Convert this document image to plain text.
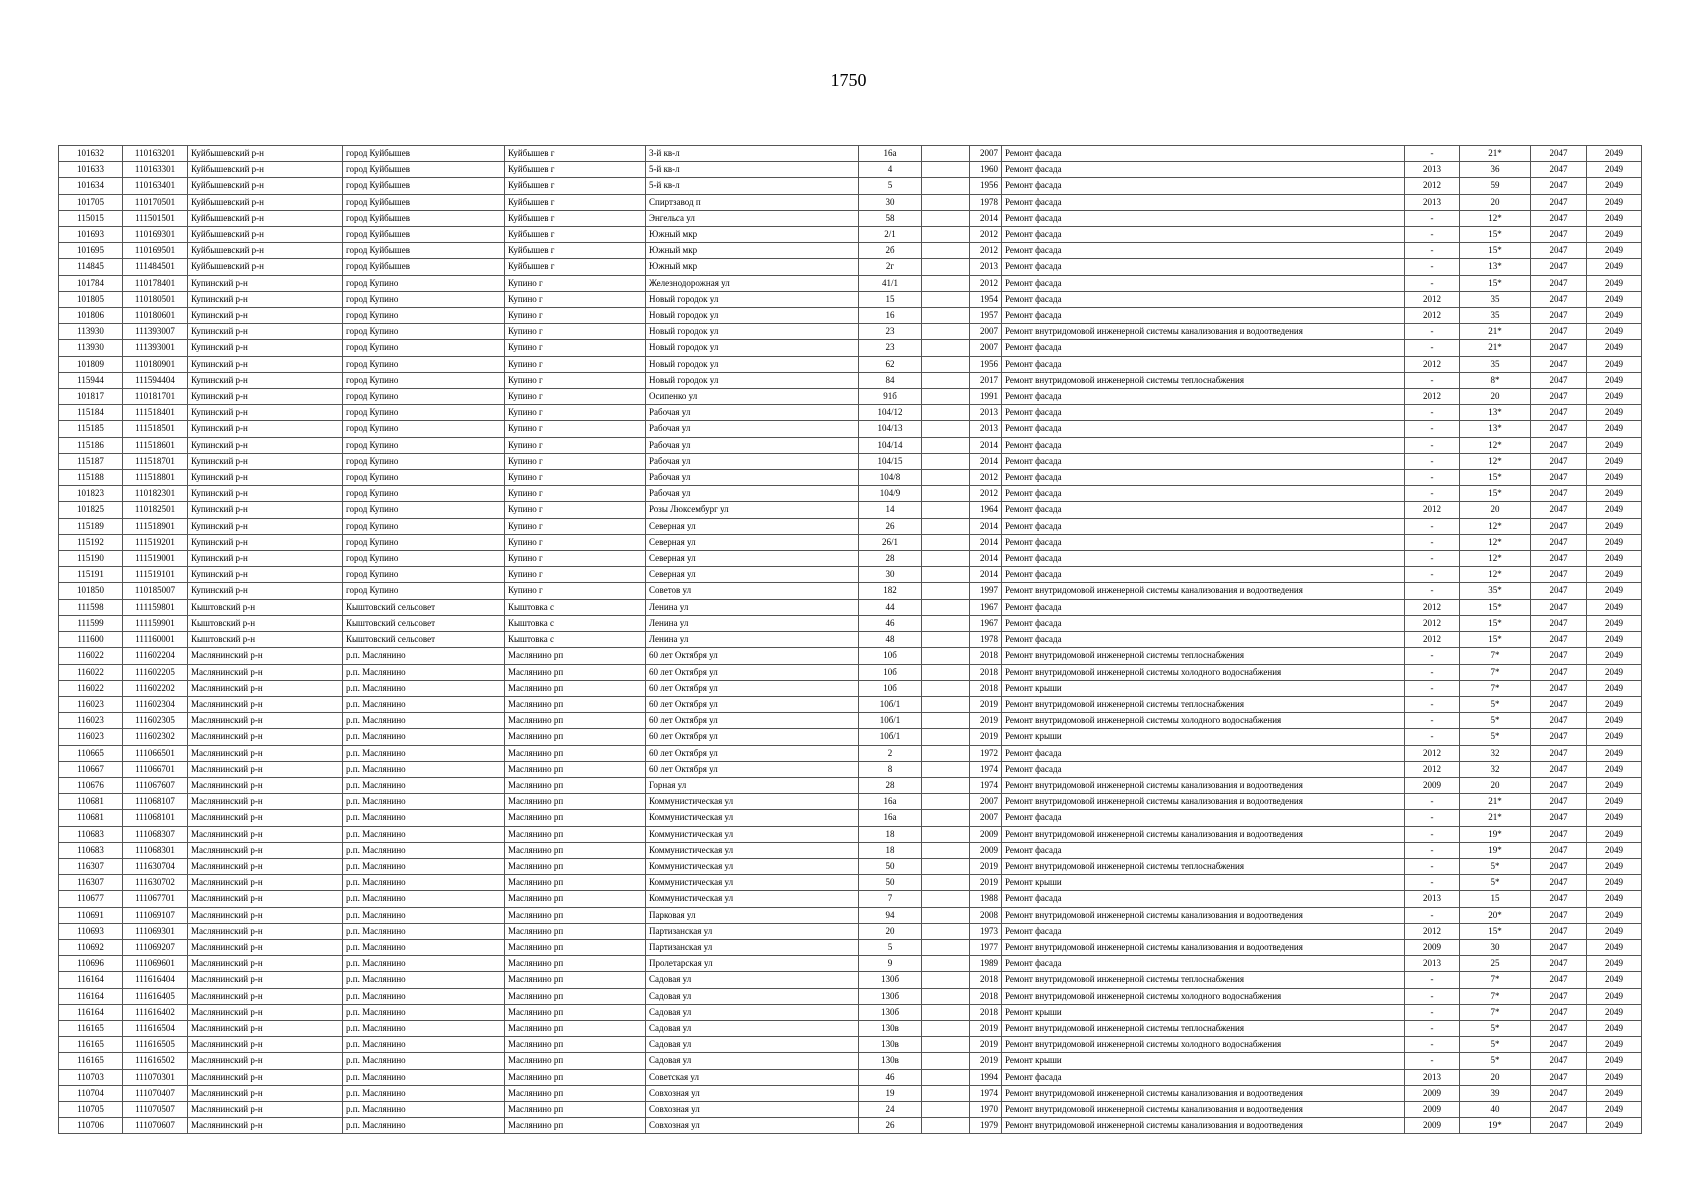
1750
101632	110163201	Куйбышевский р-н	город Куйбышев	Куйбышев г	3-й кв-л	16а		2007	Ремонт фасада	-	21*	2047	2049
101633	110163301	Куйбышевский р-н	город Куйбышев	Куйбышев г	5-й кв-л	4		1960	Ремонт фасада	2013	36	2047	2049
101634	110163401	Куйбышевский р-н	город Куйбышев	Куйбышев г	5-й кв-л	5		1956	Ремонт фасада	2012	59	2047	2049
101705	110170501	Куйбышевский р-н	город Куйбышев	Куйбышев г	Спиртзавод п	30		1978	Ремонт фасада	2013	20	2047	2049
115015	111501501	Куйбышевский р-н	город Куйбышев	Куйбышев г	Энгельса ул	58		2014	Ремонт фасада	-	12*	2047	2049
101693	110169301	Куйбышевский р-н	город Куйбышев	Куйбышев г	Южный мкр	2/1		2012	Ремонт фасада	-	15*	2047	2049
101695	110169501	Куйбышевский р-н	город Куйбышев	Куйбышев г	Южный мкр	2б		2012	Ремонт фасада	-	15*	2047	2049
114845	111484501	Куйбышевский р-н	город Куйбышев	Куйбышев г	Южный мкр	2г		2013	Ремонт фасада	-	13*	2047	2049
101784	110178401	Купинский р-н	город Купино	Купино г	Железнодорожная ул	41/1		2012	Ремонт фасада	-	15*	2047	2049
101805	110180501	Купинский р-н	город Купино	Купино г	Новый городок ул	15		1954	Ремонт фасада	2012	35	2047	2049
101806	110180601	Купинский р-н	город Купино	Купино г	Новый городок ул	16		1957	Ремонт фасада	2012	35	2047	2049
113930	111393007	Купинский р-н	город Купино	Купино г	Новый городок ул	23		2007	Ремонт внутридомовой инженерной системы канализования и водоотведения	-	21*	2047	2049
113930	111393001	Купинский р-н	город Купино	Купино г	Новый городок ул	23		2007	Ремонт фасада	-	21*	2047	2049
101809	110180901	Купинский р-н	город Купино	Купино г	Новый городок ул	62		1956	Ремонт фасада	2012	35	2047	2049
115944	111594404	Купинский р-н	город Купино	Купино г	Новый городок ул	84		2017	Ремонт внутридомовой инженерной системы теплоснабжения	-	8*	2047	2049
101817	110181701	Купинский р-н	город Купино	Купино г	Осипенко ул	91б		1991	Ремонт фасада	2012	20	2047	2049
115184	111518401	Купинский р-н	город Купино	Купино г	Рабочая ул	104/12		2013	Ремонт фасада	-	13*	2047	2049
115185	111518501	Купинский р-н	город Купино	Купино г	Рабочая ул	104/13		2013	Ремонт фасада	-	13*	2047	2049
115186	111518601	Купинский р-н	город Купино	Купино г	Рабочая ул	104/14		2014	Ремонт фасада	-	12*	2047	2049
115187	111518701	Купинский р-н	город Купино	Купино г	Рабочая ул	104/15		2014	Ремонт фасада	-	12*	2047	2049
115188	111518801	Купинский р-н	город Купино	Купино г	Рабочая ул	104/8		2012	Ремонт фасада	-	15*	2047	2049
101823	110182301	Купинский р-н	город Купино	Купино г	Рабочая ул	104/9		2012	Ремонт фасада	-	15*	2047	2049
101825	110182501	Купинский р-н	город Купино	Купино г	Розы Люксембург ул	14		1964	Ремонт фасада	2012	20	2047	2049
115189	111518901	Купинский р-н	город Купино	Купино г	Северная ул	26		2014	Ремонт фасада	-	12*	2047	2049
115192	111519201	Купинский р-н	город Купино	Купино г	Северная ул	26/1		2014	Ремонт фасада	-	12*	2047	2049
115190	111519001	Купинский р-н	город Купино	Купино г	Северная ул	28		2014	Ремонт фасада	-	12*	2047	2049
115191	111519101	Купинский р-н	город Купино	Купино г	Северная ул	30		2014	Ремонт фасада	-	12*	2047	2049
101850	110185007	Купинский р-н	город Купино	Купино г	Советов ул	182		1997	Ремонт внутридомовой инженерной системы канализования и водоотведения	-	35*	2047	2049
111598	111159801	Кыштовский р-н	Кыштовский сельсовет	Кыштовка с	Ленина ул	44		1967	Ремонт фасада	2012	15*	2047	2049
111599	111159901	Кыштовский р-н	Кыштовский сельсовет	Кыштовка с	Ленина ул	46		1967	Ремонт фасада	2012	15*	2047	2049
111600	111160001	Кыштовский р-н	Кыштовский сельсовет	Кыштовка с	Ленина ул	48		1978	Ремонт фасада	2012	15*	2047	2049
116022	111602204	Маслянинский р-н	р.п. Маслянино	Маслянино рп	60 лет Октября ул	10б		2018	Ремонт внутридомовой инженерной системы теплоснабжения	-	7*	2047	2049
116022	111602205	Маслянинский р-н	р.п. Маслянино	Маслянино рп	60 лет Октября ул	10б		2018	Ремонт внутридомовой инженерной системы холодного водоснабжения	-	7*	2047	2049
116022	111602202	Маслянинский р-н	р.п. Маслянино	Маслянино рп	60 лет Октября ул	10б		2018	Ремонт крыши	-	7*	2047	2049
116023	111602304	Маслянинский р-н	р.п. Маслянино	Маслянино рп	60 лет Октября ул	10б/1		2019	Ремонт внутридомовой инженерной системы теплоснабжения	-	5*	2047	2049
116023	111602305	Маслянинский р-н	р.п. Маслянино	Маслянино рп	60 лет Октября ул	10б/1		2019	Ремонт внутридомовой инженерной системы холодного водоснабжения	-	5*	2047	2049
116023	111602302	Маслянинский р-н	р.п. Маслянино	Маслянино рп	60 лет Октября ул	10б/1		2019	Ремонт крыши	-	5*	2047	2049
110665	111066501	Маслянинский р-н	р.п. Маслянино	Маслянино рп	60 лет Октября ул	2		1972	Ремонт фасада	2012	32	2047	2049
110667	111066701	Маслянинский р-н	р.п. Маслянино	Маслянино рп	60 лет Октября ул	8		1974	Ремонт фасада	2012	32	2047	2049
110676	111067607	Маслянинский р-н	р.п. Маслянино	Маслянино рп	Горная ул	28		1974	Ремонт внутридомовой инженерной системы канализования и водоотведения	2009	20	2047	2049
110681	111068107	Маслянинский р-н	р.п. Маслянино	Маслянино рп	Коммунистическая ул	16а		2007	Ремонт внутридомовой инженерной системы канализования и водоотведения	-	21*	2047	2049
110681	111068101	Маслянинский р-н	р.п. Маслянино	Маслянино рп	Коммунистическая ул	16а		2007	Ремонт фасада	-	21*	2047	2049
110683	111068307	Маслянинский р-н	р.п. Маслянино	Маслянино рп	Коммунистическая ул	18		2009	Ремонт внутридомовой инженерной системы канализования и водоотведения	-	19*	2047	2049
110683	111068301	Маслянинский р-н	р.п. Маслянино	Маслянино рп	Коммунистическая ул	18		2009	Ремонт фасада	-	19*	2047	2049
116307	111630704	Маслянинский р-н	р.п. Маслянино	Маслянино рп	Коммунистическая ул	50		2019	Ремонт внутридомовой инженерной системы теплоснабжения	-	5*	2047	2049
116307	111630702	Маслянинский р-н	р.п. Маслянино	Маслянино рп	Коммунистическая ул	50		2019	Ремонт крыши	-	5*	2047	2049
110677	111067701	Маслянинский р-н	р.п. Маслянино	Маслянино рп	Коммунистическая ул	7		1988	Ремонт фасада	2013	15	2047	2049
110691	111069107	Маслянинский р-н	р.п. Маслянино	Маслянино рп	Парковая ул	94		2008	Ремонт внутридомовой инженерной системы канализования и водоотведения	-	20*	2047	2049
110693	111069301	Маслянинский р-н	р.п. Маслянино	Маслянино рп	Партизанская ул	20		1973	Ремонт фасада	2012	15*	2047	2049
110692	111069207	Маслянинский р-н	р.п. Маслянино	Маслянино рп	Партизанская ул	5		1977	Ремонт внутридомовой инженерной системы канализования и водоотведения	2009	30	2047	2049
110696	111069601	Маслянинский р-н	р.п. Маслянино	Маслянино рп	Пролетарская ул	9		1989	Ремонт фасада	2013	25	2047	2049
116164	111616404	Маслянинский р-н	р.п. Маслянино	Маслянино рп	Садовая ул	130б		2018	Ремонт внутридомовой инженерной системы теплоснабжения	-	7*	2047	2049
116164	111616405	Маслянинский р-н	р.п. Маслянино	Маслянино рп	Садовая ул	130б		2018	Ремонт внутридомовой инженерной системы холодного водоснабжения	-	7*	2047	2049
116164	111616402	Маслянинский р-н	р.п. Маслянино	Маслянино рп	Садовая ул	130б		2018	Ремонт крыши	-	7*	2047	2049
116165	111616504	Маслянинский р-н	р.п. Маслянино	Маслянино рп	Садовая ул	130в		2019	Ремонт внутридомовой инженерной системы теплоснабжения	-	5*	2047	2049
116165	111616505	Маслянинский р-н	р.п. Маслянино	Маслянино рп	Садовая ул	130в		2019	Ремонт внутридомовой инженерной системы холодного водоснабжения	-	5*	2047	2049
116165	111616502	Маслянинский р-н	р.п. Маслянино	Маслянино рп	Садовая ул	130в		2019	Ремонт крыши	-	5*	2047	2049
110703	111070301	Маслянинский р-н	р.п. Маслянино	Маслянино рп	Советская ул	46		1994	Ремонт фасада	2013	20	2047	2049
110704	111070407	Маслянинский р-н	р.п. Маслянино	Маслянино рп	Совхозная ул	19		1974	Ремонт внутридомовой инженерной системы канализования и водоотведения	2009	39	2047	2049
110705	111070507	Маслянинский р-н	р.п. Маслянино	Маслянино рп	Совхозная ул	24		1970	Ремонт внутридомовой инженерной системы канализования и водоотведения	2009	40	2047	2049
110706	111070607	Маслянинский р-н	р.п. Маслянино	Маслянино рп	Совхозная ул	26		1979	Ремонт внутридомовой инженерной системы канализования и водоотведения	2009	19*	2047	2049
